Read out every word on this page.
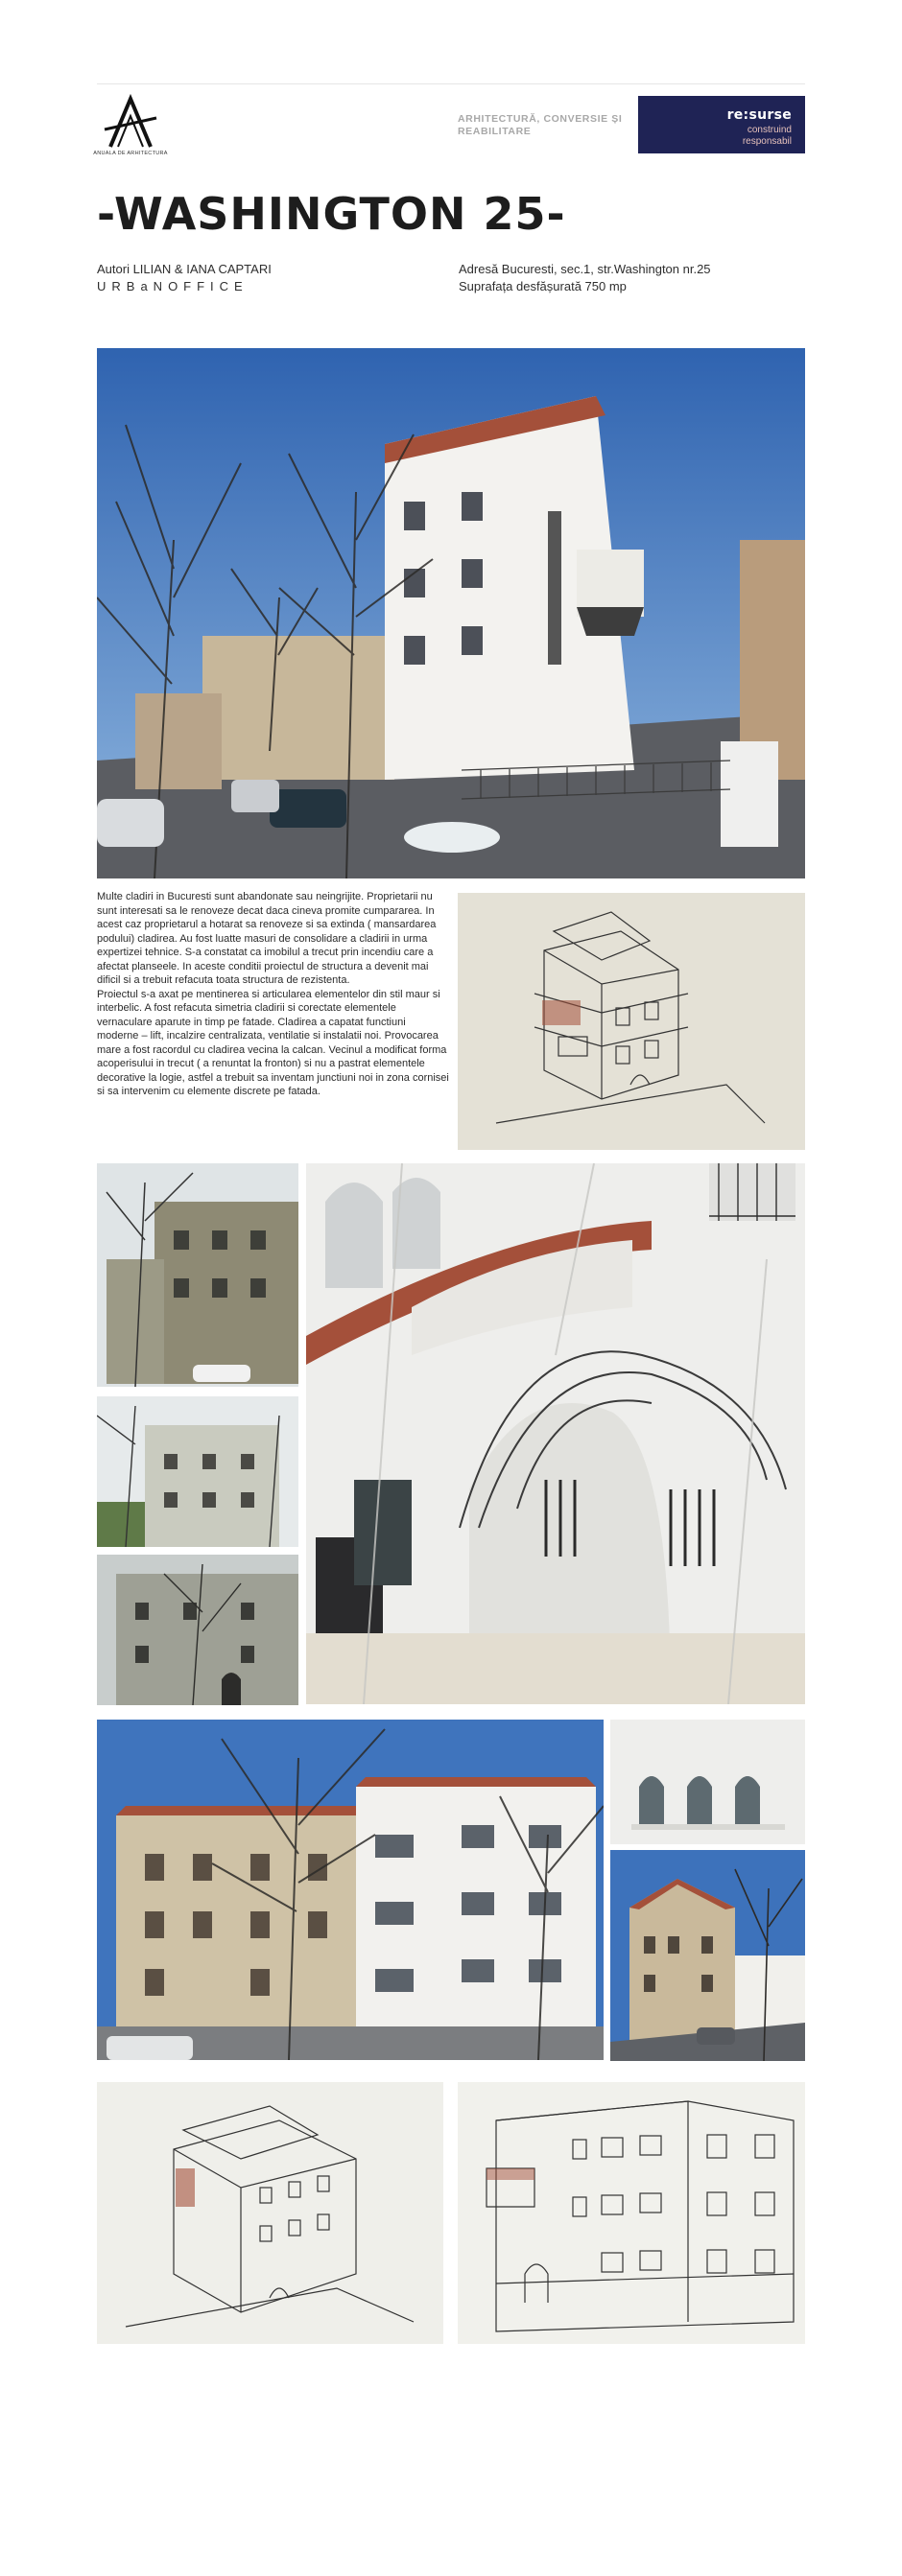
ANUALA DE ARHITECTURA
ARHITECTURĂ, CONVERSIE ȘI REABILITARE
re:surse
construind
responsabil
-WASHINGTON 25-
Autori LILIAN & IANA CAPTARI
URBaNOFFICE
Adresă Bucuresti, sec.1, str.Washington nr.25
Suprafața desfășurată 750 mp

Multe cladiri in Bucuresti sunt abandonate sau neingrijite. Proprietarii nu sunt interesati sa le renoveze decat daca cineva promite cumpararea. In acest caz proprietarul a hotarat sa renoveze si sa extinda ( mansardarea podului) cladirea. Au fost luatte masuri de consolidare a cladirii in urma expertizei tehnice. S-a constatat ca imobilul a trecut prin incendiu care a afectat planseele. In aceste conditii proiectul de structura a devenit mai dificil si a trebuit refacuta toata structura de rezistenta.

Proiectul s-a axat pe mentinerea si articularea elementelor din stil maur si interbelic. A fost refacuta simetria cladirii si corectate elementele vernaculare aparute in timp pe fatade. Cladirea a capatat functiuni moderne – lift, incalzire centralizata, ventilatie si instalatii noi. Provocarea mare a fost racordul cu cladirea vecina la calcan. Vecinul a modificat forma acoperisului in trecut ( a renuntat la fronton) si nu a pastrat elementele decorative la logie, astfel a trebuit sa inventam junctiuni noi in zona cornisei si sa intervenim cu elemente discrete pe fatada.
